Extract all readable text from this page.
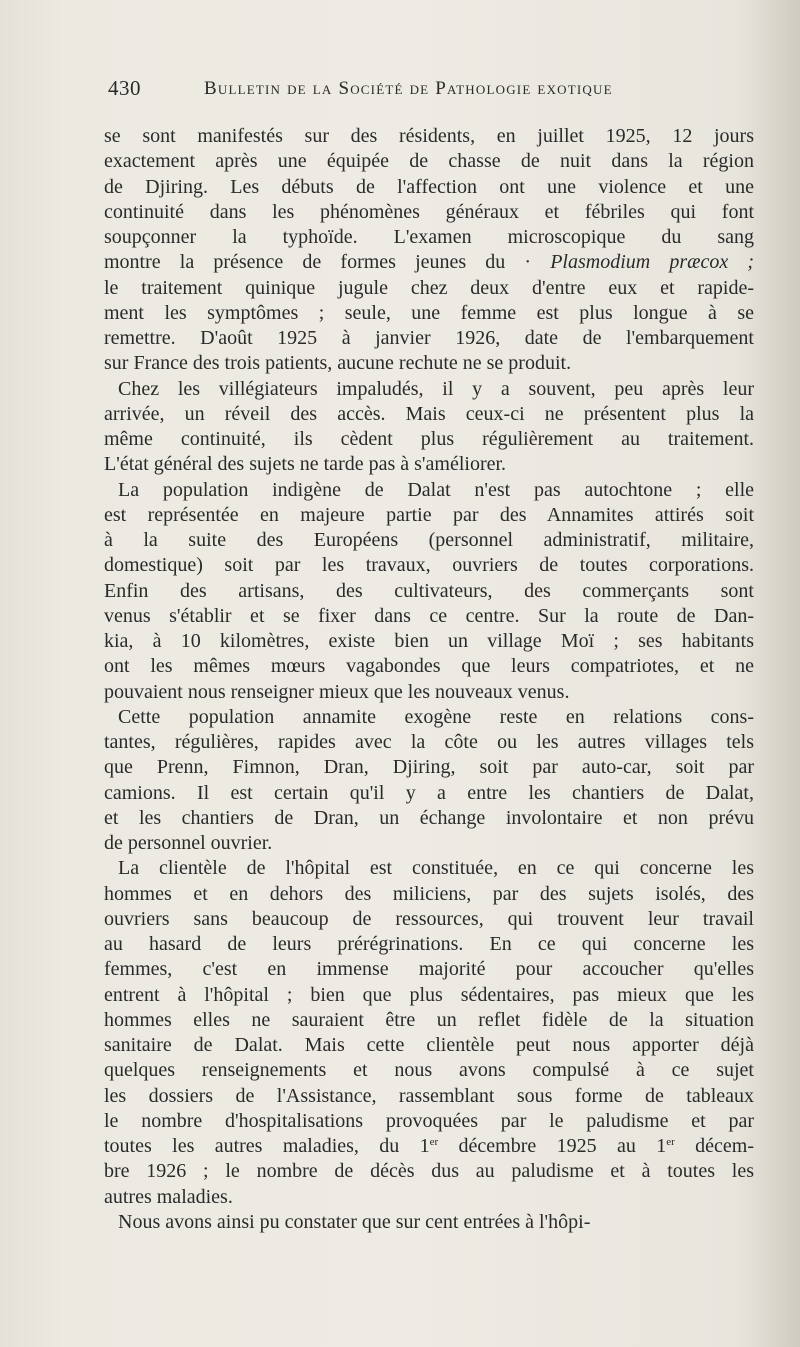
430	Bulletin de la Société de Pathologie exotique
se sont manifestés sur des résidents, en juillet 1925, 12 jours
exactement après une équipée de chasse de nuit dans la région
de Djiring. Les débuts de l'affection ont une violence et une
continuité dans les phénomènes généraux et fébriles qui font
soupçonner la typhoïde. L'examen microscopique du sang
montre la présence de formes jeunes du · Plasmodium præcox ;
le traitement quinique jugule chez deux d'entre eux et rapide-
ment les symptômes ; seule, une femme est plus longue à se
remettre. D'août 1925 à janvier 1926, date de l'embarquement
sur France des trois patients, aucune rechute ne se produit.
Chez les villégiateurs impaludés, il y a souvent, peu après leur
arrivée, un réveil des accès. Mais ceux-ci ne présentent plus la
même continuité, ils cèdent plus régulièrement au traitement.
L'état général des sujets ne tarde pas à s'améliorer.
La population indigène de Dalat n'est pas autochtone ; elle
est représentée en majeure partie par des Annamites attirés soit
à la suite des Européens (personnel administratif, militaire,
domestique) soit par les travaux, ouvriers de toutes corporations.
Enfin des artisans, des cultivateurs, des commerçants sont
venus s'établir et se fixer dans ce centre. Sur la route de Dan-
kia, à 10 kilomètres, existe bien un village Moï ; ses habitants
ont les mêmes mœurs vagabondes que leurs compatriotes, et ne
pouvaient nous renseigner mieux que les nouveaux venus.
Cette population annamite exogène reste en relations cons-
tantes, régulières, rapides avec la côte ou les autres villages tels
que Prenn, Fimnon, Dran, Djiring, soit par auto-car, soit par
camions. Il est certain qu'il y a entre les chantiers de Dalat,
et les chantiers de Dran, un échange involontaire et non prévu
de personnel ouvrier.
La clientèle de l'hôpital est constituée, en ce qui concerne les
hommes et en dehors des miliciens, par des sujets isolés, des
ouvriers sans beaucoup de ressources, qui trouvent leur travail
au hasard de leurs prérégrinations. En ce qui concerne les
femmes, c'est en immense majorité pour accoucher qu'elles
entrent à l'hôpital ; bien que plus sédentaires, pas mieux que les
hommes elles ne sauraient être un reflet fidèle de la situation
sanitaire de Dalat. Mais cette clientèle peut nous apporter déjà
quelques renseignements et nous avons compulsé à ce sujet
les dossiers de l'Assistance, rassemblant sous forme de tableaux
le nombre d'hospitalisations provoquées par le paludisme et par
toutes les autres maladies, du 1er décembre 1925 au 1er décem-
bre 1926 ; le nombre de décès dus au paludisme et à toutes les
autres maladies.
Nous avons ainsi pu constater que sur cent entrées à l'hôpi-
